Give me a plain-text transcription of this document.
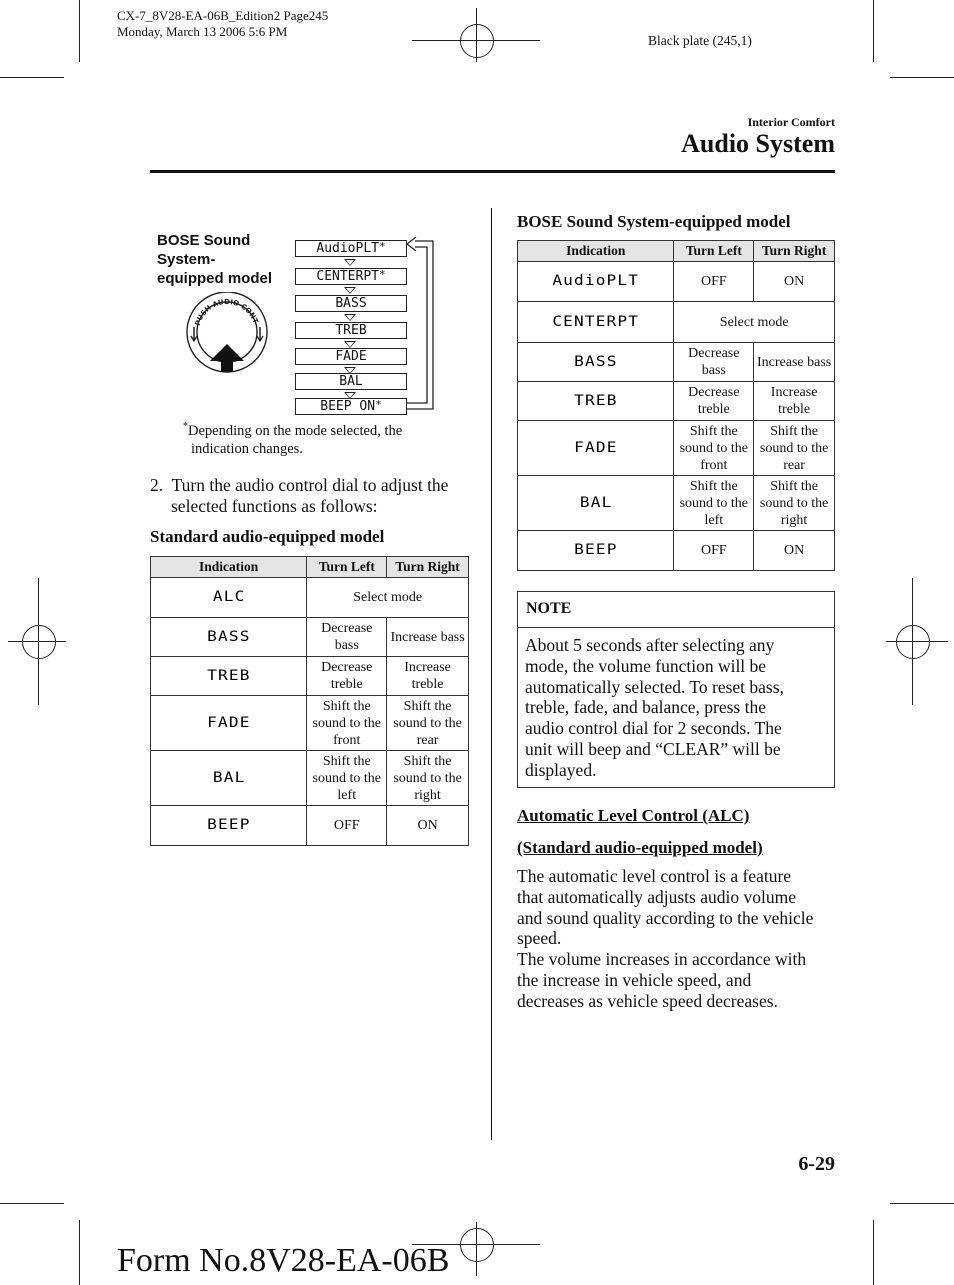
CX-7_8V28-EA-06B_Edition2 Page245
Monday, March 13 2006 5:6 PM
Black plate (245,1)
Interior Comfort
Audio System
BOSE Sound
System-
equipped model
PUSH AUDIO CONT
AudioPLT*
CENTERPT*
BASS
TREB
FADE
BAL
BEEP ON*
*Depending on the mode selected, the
indication changes.
2.  Turn the audio control dial to adjust the
selected functions as follows:
Standard audio-equipped model
Indication	Turn Left	Turn Right
ALC	Select mode	
BASS	Decrease bass	Increase bass
TREB	Decrease treble	Increase treble
FADE	Shift the sound to the front	Shift the sound to the rear
BAL	Shift the sound to the left	Shift the sound to the right
BEEP	OFF	ON
BOSE Sound System-equipped model
Indication	Turn Left	Turn Right
AudioPLT	OFF	ON
CENTERPT	Select mode	
BASS	Decrease bass	Increase bass
TREB	Decrease treble	Increase treble
FADE	Shift the sound to the front	Shift the sound to the rear
BAL	Shift the sound to the left	Shift the sound to the right
BEEP	OFF	ON
NOTE
About 5 seconds after selecting any
mode, the volume function will be
automatically selected. To reset bass,
treble, fade, and balance, press the
audio control dial for 2 seconds. The
unit will beep and “CLEAR” will be
displayed.
Automatic Level Control (ALC)
(Standard audio-equipped model)
The automatic level control is a feature
that automatically adjusts audio volume
and sound quality according to the vehicle
speed.
The volume increases in accordance with
the increase in vehicle speed, and
decreases as vehicle speed decreases.
6-29
Form No.8V28-EA-06B
